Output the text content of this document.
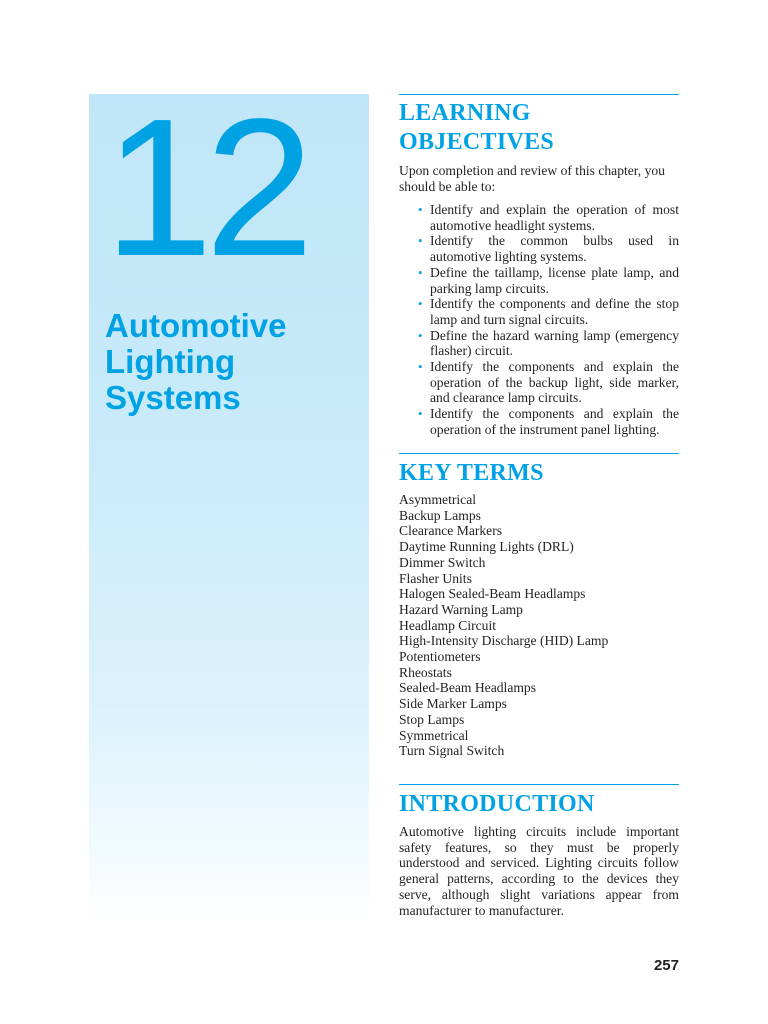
12

Automotive
Lighting
Systems
LEARNING
OBJECTIVES

Upon completion and review of this chapter, you should be able to:

• Identify and explain the operation of most automotive headlight systems.
• Identify the common bulbs used in automotive lighting systems.
• Define the taillamp, license plate lamp, and parking lamp circuits.
• Identify the components and define the stop lamp and turn signal circuits.
• Define the hazard warning lamp (emergency flasher) circuit.
• Identify the components and explain the operation of the backup light, side marker, and clearance lamp circuits.
• Identify the components and explain the operation of the instrument panel lighting.
KEY TERMS
Asymmetrical
Backup Lamps
Clearance Markers
Daytime Running Lights (DRL)
Dimmer Switch
Flasher Units
Halogen Sealed-Beam Headlamps
Hazard Warning Lamp
Headlamp Circuit
High-Intensity Discharge (HID) Lamp
Potentiometers
Rheostats
Sealed-Beam Headlamps
Side Marker Lamps
Stop Lamps
Symmetrical
Turn Signal Switch
INTRODUCTION

Automotive lighting circuits include important safety features, so they must be properly understood and serviced. Lighting circuits follow general patterns, according to the devices they serve, although slight variations appear from manufacturer to manufacturer.

257
